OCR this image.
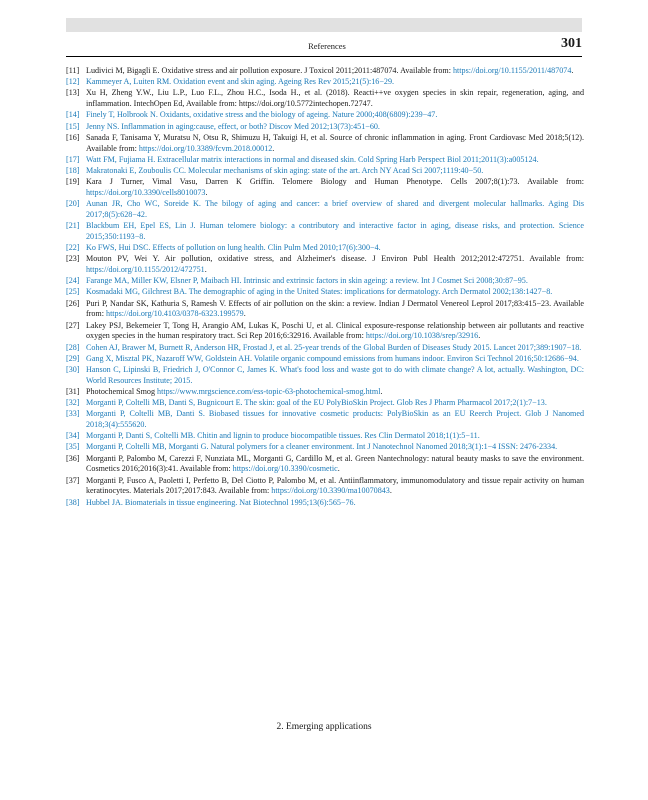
References	301
[11] Ludivici M, Bigagli E. Oxidative stress and air pollution exposure. J Toxicol 2011;2011:487074. Available from: https://doi.org/10.1155/2011/487074.
[12] Kammeyer A, Luiten RM. Oxidation event and skin aging. Ageing Res Rev 2015;21(5):16−29.
[13] Xu H, Zheng Y.W., Liu L.P., Luo F.L., Zhou H.C., Isoda H., et al. (2018). Reacti++ve oxygen species in skin repair, regeneration, aging, and inflammation. IntechOpen Ed, Available from: https://doi.org/10.5772intechopen.72747.
[14] Finely T, Holbrook N. Oxidants, oxidative stress and the biology of ageing. Nature 2000;408(6809):239−47.
[15] Jenny NS. Inflammation in aging:cause, effect, or both? Discov Med 2012;13(73):451−60.
[16] Sanada F, Tanisama Y, Muratsu N, Otsu R, Shimuzu H, Takuigi H, et al. Source of chronic inflammation in aging. Front Cardiovasc Med 2018;5(12). Available from: https://doi.org/10.3389/fcvm.2018.00012.
[17] Watt FM, Fujiama H. Extracellular matrix interactions in normal and diseased skin. Cold Spring Harb Perspect Biol 2011;2011(3):a005124.
[18] Makratonaki E, Zouboulis CC. Molecular mechanisms of skin aging: state of the art. Arch NY Acad Sci 2007;1119:40−50.
[19] Kara J Turner, Vimal Vasu, Darren K Griffin. Telomere Biology and Human Phenotype. Cells 2007;8(1):73. Available from: https://doi.org/10.3390/cells8010073.
[20] Aunan JR, Cho WC, Soreide K. The bilogy of aging and cancer: a brief overview of shared and divergent molecular hallmarks. Aging Dis 2017;8(5):628−42.
[21] Blackbum EH, Epel ES, Lin J. Human telomere biology: a contributory and interactive factor in aging, disease risks, and protection. Science 2015;350:1193−8.
[22] Ko FWS, Hui DSC. Effects of pollution on lung health. Clin Pulm Med 2010;17(6):300−4.
[23] Mouton PV, Wei Y. Air pollution, oxidative stress, and Alzheimer's disease. J Environ Publ Health 2012;2012:472751. Available from: https://doi.org/10.1155/2012/472751.
[24] Farange MA, Miller KW, Elsner P, Maibach HI. Intrinsic and extrinsic factors in skin ageing: a review. Int J Cosmet Sci 2008;30:87−95.
[25] Kosmadaki MG, Gilchrest BA. The demographic of aging in the United States: implications for dermatology. Arch Dermatol 2002;138:1427−8.
[26] Puri P, Nandar SK, Kathuria S, Ramesh V. Effects of air pollution on the skin: a review. Indian J Dermatol Venereol Leprol 2017;83:415−23. Available from: https://doi.org/10.4103/0378-6323.199579.
[27] Lakey PSJ, Bekemeier T, Tong H, Arangio AM, Lukas K, Poschi U, et al. Clinical exposure-response relationship between air pollutants and reactive oxygen species in the human respiratory tract. Sci Rep 2016;6:32916. Available from: https://doi.org/10.1038/srep/32916.
[28] Cohen AJ, Brawer M, Burnett R, Anderson HR, Frostad J, et al. 25-year trends of the Global Burden of Diseases Study 2015. Lancet 2017;389:1907−18.
[29] Gang X, Misztal PK, Nazaroff WW, Goldstein AH. Volatile organic compound emissions from humans indoor. Environ Sci Technol 2016;50:12686−94.
[30] Hanson C, Lipinski B, Friedrich J, O'Connor C, James K. What's food loss and waste got to do with climate change? A lot, actually. Washington, DC: World Resources Institute; 2015.
[31] Photochemical Smog https://www.mrgscience.com/ess-topic-63-photochemical-smog.html.
[32] Morganti P, Coltelli MB, Danti S, Bugnicourt E. The skin: goal of the EU PolyBioSkin Project. Glob Res J Pharm Pharmacol 2017;2(1):7−13.
[33] Morganti P, Coltelli MB, Danti S. Biobased tissues for innovative cosmetic products: PolyBioSkin as an EU Reerch Project. Glob J Nanomed 2018;3(4):555620.
[34] Morganti P, Danti S, Coltelli MB. Chitin and lignin to produce biocompatible tissues. Res Clin Dermatol 2018;1(1):5−11.
[35] Morganti P, Coltelli MB, Morganti G. Natural polymers for a cleaner environment. Int J Nanotechnol Nanomed 2018;3(1):1−4 ISSN: 2476-2334.
[36] Morganti P, Palombo M, Carezzi F, Nunziata ML, Morganti G, Cardillo M, et al. Green Nantechnology: natural beauty masks to save the environment. Cosmetics 2016;2016(3):41. Available from: https://doi.org/10.3390/cosmetic.
[37] Morganti P, Fusco A, Paoletti I, Perfetto B, Del Ciotto P, Palombo M, et al. Antiinflammatory, immunomodulatory and tissue repair activity on human keratinocytes. Materials 2017;2017:843. Available from: https://doi.org/10.3390/ma10070843.
[38] Hubbel JA. Biomaterials in tissue engineering. Nat Biotechnol 1995;13(6):565−76.
2. Emerging applications
